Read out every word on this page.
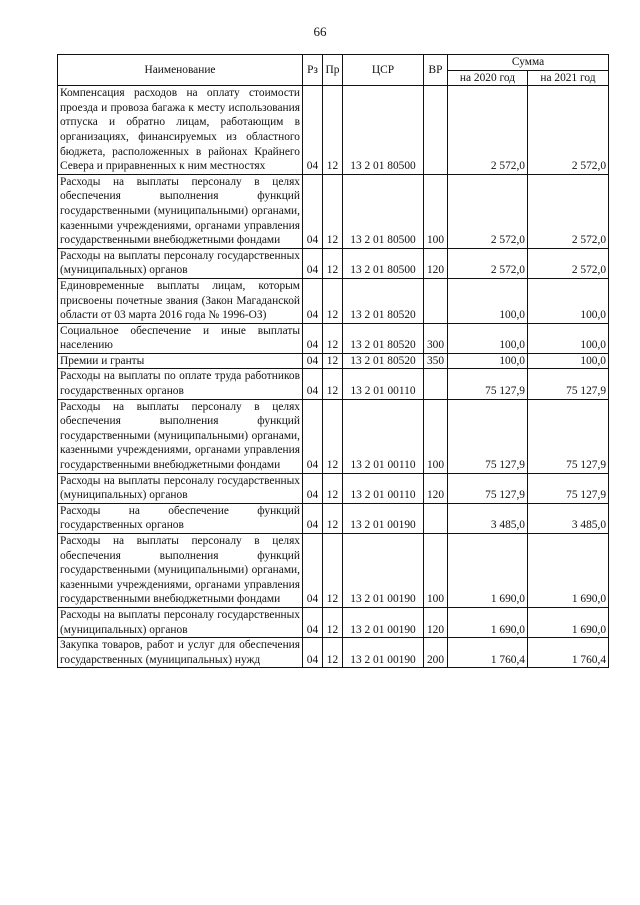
66
Наименование	Рз	Пр	ЦСР	ВР	Сумма	
					на 2020 год	на 2021 год
Компенсация расходов на оплату стоимости проезда и провоза багажа к месту использования отпуска и обратно лицам, работающим в организациях, финансируемых из областного бюджета, расположенных в районах Крайнего Севера и приравненных к ним местностях	04	12	13 2 01 80500		2 572,0	2 572,0
Расходы на выплаты персоналу в целях обеспечения выполнения функций государственными (муниципальными) органами, казенными учреждениями, органами управления государственными внебюджетными фондами	04	12	13 2 01 80500	100	2 572,0	2 572,0
Расходы на выплаты персоналу государственных (муниципальных) органов	04	12	13 2 01 80500	120	2 572,0	2 572,0
Единовременные выплаты лицам, которым присвоены почетные звания (Закон Магаданской области от 03 марта 2016 года № 1996-ОЗ)	04	12	13 2 01 80520		100,0	100,0
Социальное обеспечение и иные выплаты населению	04	12	13 2 01 80520	300	100,0	100,0
Премии и гранты	04	12	13 2 01 80520	350	100,0	100,0
Расходы на выплаты по оплате труда работников государственных органов	04	12	13 2 01 00110		75 127,9	75 127,9
Расходы на выплаты персоналу в целях обеспечения выполнения функций государственными (муниципальными) органами, казенными учреждениями, органами управления государственными внебюджетными фондами	04	12	13 2 01 00110	100	75 127,9	75 127,9
Расходы на выплаты персоналу государственных (муниципальных) органов	04	12	13 2 01 00110	120	75 127,9	75 127,9
Расходы на обеспечение функций государственных органов	04	12	13 2 01 00190		3 485,0	3 485,0
Расходы на выплаты персоналу в целях обеспечения выполнения функций государственными (муниципальными) органами, казенными учреждениями, органами управления государственными внебюджетными фондами	04	12	13 2 01 00190	100	1 690,0	1 690,0
Расходы на выплаты персоналу государственных (муниципальных) органов	04	12	13 2 01 00190	120	1 690,0	1 690,0
Закупка товаров, работ и услуг для обеспечения государственных (муниципальных) нужд	04	12	13 2 01 00190	200	1 760,4	1 760,4
